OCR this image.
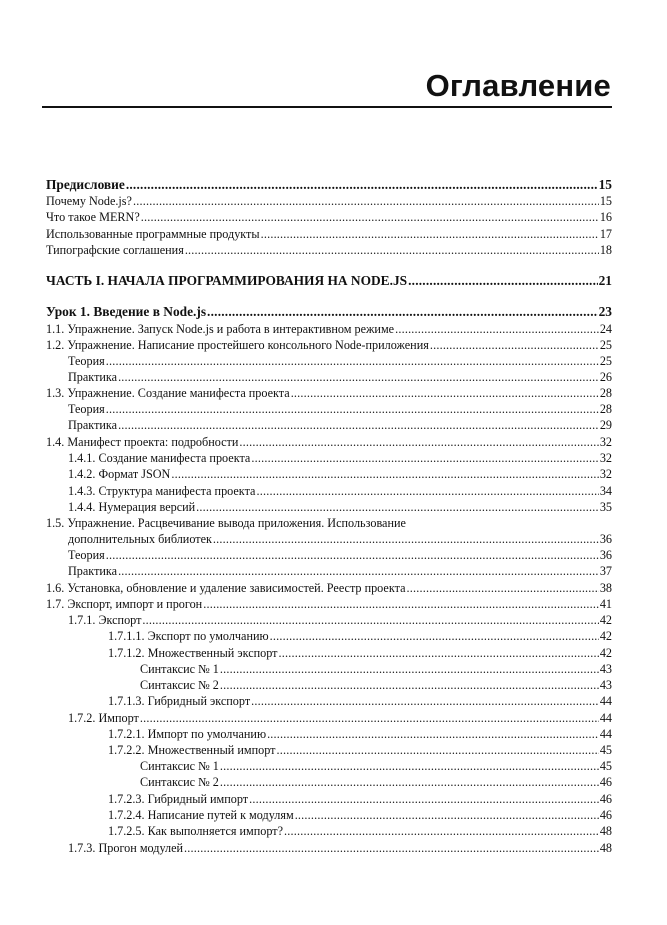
Оглавление
Предисловие .....	15
Почему Node.js? .....	15
Что такое MERN? .....	16
Использованные программные продукты .....	17
Типографские соглашения .....	18
ЧАСТЬ I. НАЧАЛА ПРОГРАММИРОВАНИЯ НА NODE.JS .....	21
Урок 1. Введение в Node.js .....	23
1.1. Упражнение. Запуск Node.js и работа в интерактивном режиме .....	24
1.2. Упражнение. Написание простейшего консольного Node-приложения .....	25
Теория .....	25
Практика .....	26
1.3. Упражнение. Создание манифеста проекта .....	28
Теория .....	28
Практика .....	29
1.4. Манифест проекта: подробности .....	32
1.4.1. Создание манифеста проекта .....	32
1.4.2. Формат JSON .....	32
1.4.3. Структура манифеста проекта .....	34
1.4.4. Нумерация версий .....	35
1.5. Упражнение. Расцвечивание вывода приложения. Использование
дополнительных библиотек .....	36
Теория .....	36
Практика .....	37
1.6. Установка, обновление и удаление зависимостей. Реестр проекта .....	38
1.7. Экспорт, импорт и прогон .....	41
1.7.1. Экспорт .....	42
1.7.1.1. Экспорт по умолчанию .....	42
1.7.1.2. Множественный экспорт .....	42
Синтаксис № 1 .....	43
Синтаксис № 2 .....	43
1.7.1.3. Гибридный экспорт .....	44
1.7.2. Импорт .....	44
1.7.2.1. Импорт по умолчанию .....	44
1.7.2.2. Множественный импорт .....	45
Синтаксис № 1 .....	45
Синтаксис № 2 .....	46
1.7.2.3. Гибридный импорт .....	46
1.7.2.4. Написание путей к модулям .....	46
1.7.2.5. Как выполняется импорт? .....	48
1.7.3. Прогон модулей .....	48
